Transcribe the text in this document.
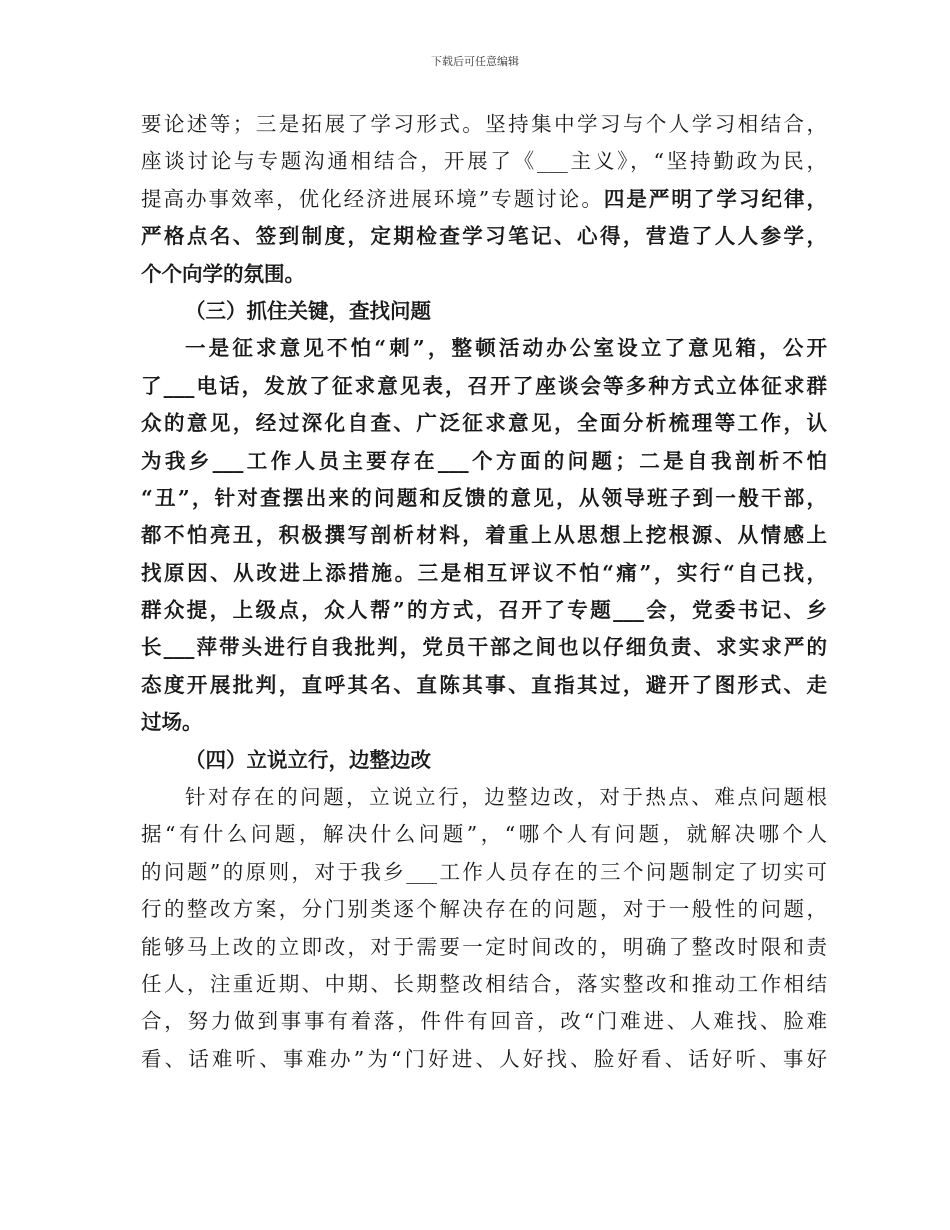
下载后可任意编辑
要论述等；三是拓展了学习形式。坚持集中学习与个人学习相结合，
座谈讨论与专题沟通相结合，开展了《___主义》，“坚持勤政为民，
提高办事效率，优化经济进展环境”专题讨论。四是严明了学习纪律，
严格点名、签到制度，定期检查学习笔记、心得，营造了人人参学，
个个向学的氛围。
（三）抓住关键，查找问题
一是征求意见不怕“刺”，整顿活动办公室设立了意见箱，公开
了___电话，发放了征求意见表，召开了座谈会等多种方式立体征求群
众的意见，经过深化自查、广泛征求意见，全面分析梳理等工作，认
为我乡___工作人员主要存在___个方面的问题；二是自我剖析不怕
“丑”，针对查摆出来的问题和反馈的意见，从领导班子到一般干部，
都不怕亮丑，积极撰写剖析材料，着重上从思想上挖根源、从情感上
找原因、从改进上添措施。三是相互评议不怕“痛”，实行“自己找，
群众提，上级点，众人帮”的方式，召开了专题___会，党委书记、乡
长___萍带头进行自我批判，党员干部之间也以仔细负责、求实求严的
态度开展批判，直呼其名、直陈其事、直指其过，避开了图形式、走
过场。
（四）立说立行，边整边改
针对存在的问题，立说立行，边整边改，对于热点、难点问题根
据“有什么问题，解决什么问题”，“哪个人有问题，就解决哪个人
的问题”的原则，对于我乡___工作人员存在的三个问题制定了切实可
行的整改方案，分门别类逐个解决存在的问题，对于一般性的问题，
能够马上改的立即改，对于需要一定时间改的，明确了整改时限和责
任人，注重近期、中期、长期整改相结合，落实整改和推动工作相结
合，努力做到事事有着落，件件有回音，改“门难进、人难找、脸难
看、话难听、事难办”为“门好进、人好找、脸好看、话好听、事好
